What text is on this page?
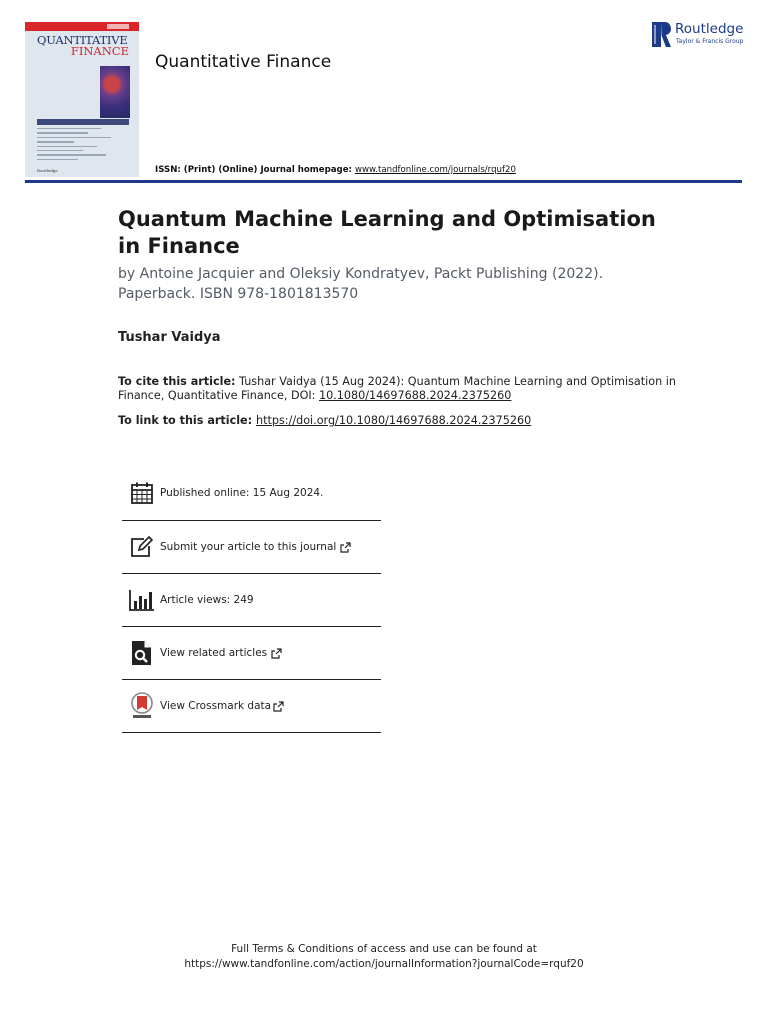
QUANTITATIVE
FINANCE
Routledge
Quantitative Finance
ISSN: (Print) (Online) Journal homepage: www.tandfonline.com/journals/rquf20
Routledge
Taylor & Francis Group
Quantum Machine Learning and Optimisation in Finance
by Antoine Jacquier and Oleksiy Kondratyev, Packt Publishing (2022). Paperback. ISBN 978-1801813570
Tushar Vaidya
To cite this article: Tushar Vaidya (15 Aug 2024): Quantum Machine Learning and Optimisation in Finance, Quantitative Finance, DOI: 10.1080/14697688.2024.2375260
To link to this article: https://doi.org/10.1080/14697688.2024.2375260
Published online: 15 Aug 2024.
Submit your article to this journal
Article views: 249
View related articles
View Crossmark data
Full Terms & Conditions of access and use can be found at
https://www.tandfonline.com/action/journalInformation?journalCode=rquf20
